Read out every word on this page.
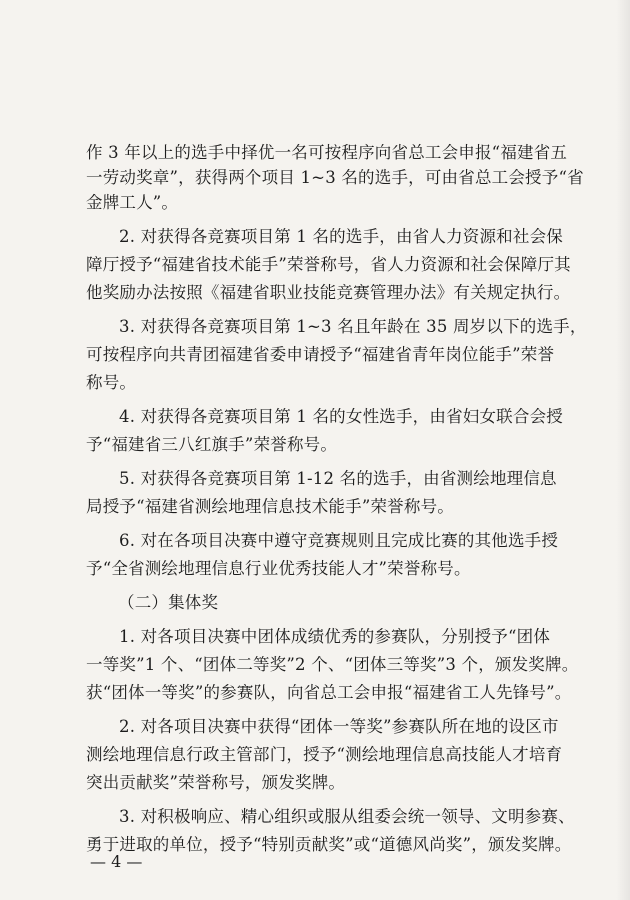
作 3 年以上的选手中择优一名可按程序向省总工会申报“福建省五
一劳动奖章”，获得两个项目 1~3 名的选手，可由省总工会授予“省
金牌工人”。
2. 对获得各竞赛项目第 1 名的选手，由省人力资源和社会保
障厅授予“福建省技术能手”荣誉称号，省人力资源和社会保障厅其
他奖励办法按照《福建省职业技能竞赛管理办法》有关规定执行。
3. 对获得各竞赛项目第 1~3 名且年龄在 35 周岁以下的选手，
可按程序向共青团福建省委申请授予“福建省青年岗位能手”荣誉
称号。
4. 对获得各竞赛项目第 1 名的女性选手，由省妇女联合会授
予“福建省三八红旗手”荣誉称号。
5. 对获得各竞赛项目第 1-12 名的选手，由省测绘地理信息
局授予“福建省测绘地理信息技术能手”荣誉称号。
6. 对在各项目决赛中遵守竞赛规则且完成比赛的其他选手授
予“全省测绘地理信息行业优秀技能人才”荣誉称号。
（二）集体奖
1. 对各项目决赛中团体成绩优秀的参赛队，分别授予“团体
一等奖”1 个、“团体二等奖”2 个、“团体三等奖”3 个，颁发奖牌。
获“团体一等奖”的参赛队，向省总工会申报“福建省工人先锋号”。
2. 对各项目决赛中获得“团体一等奖”参赛队所在地的设区市
测绘地理信息行政主管部门，授予“测绘地理信息高技能人才培育
突出贡献奖”荣誉称号，颁发奖牌。
3. 对积极响应、精心组织或服从组委会统一领导、文明参赛、
勇于进取的单位，授予“特别贡献奖”或“道德风尚奖”，颁发奖牌。
— 4 —
